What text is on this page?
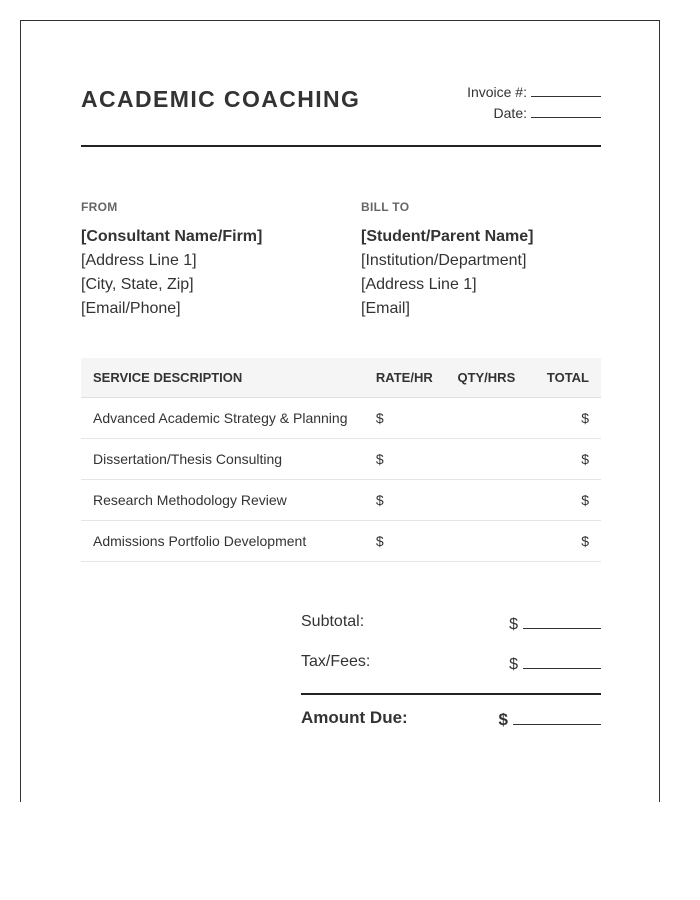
ACADEMIC COACHING	Invoice #:
Date:
FROM
[Consultant Name/Firm]
[Address Line 1]
[City, State, Zip]
[Email/Phone]
BILL TO
[Student/Parent Name]
[Institution/Department]
[Address Line 1]
[Email]
SERVICE DESCRIPTION	RATE/HR	QTY/HRS	TOTAL
Advanced Academic Strategy & Planning	$		$
Dissertation/Thesis Consulting	$		$
Research Methodology Review	$		$
Admissions Portfolio Development	$		$
Subtotal:	$
Tax/Fees:	$
Amount Due:	$
